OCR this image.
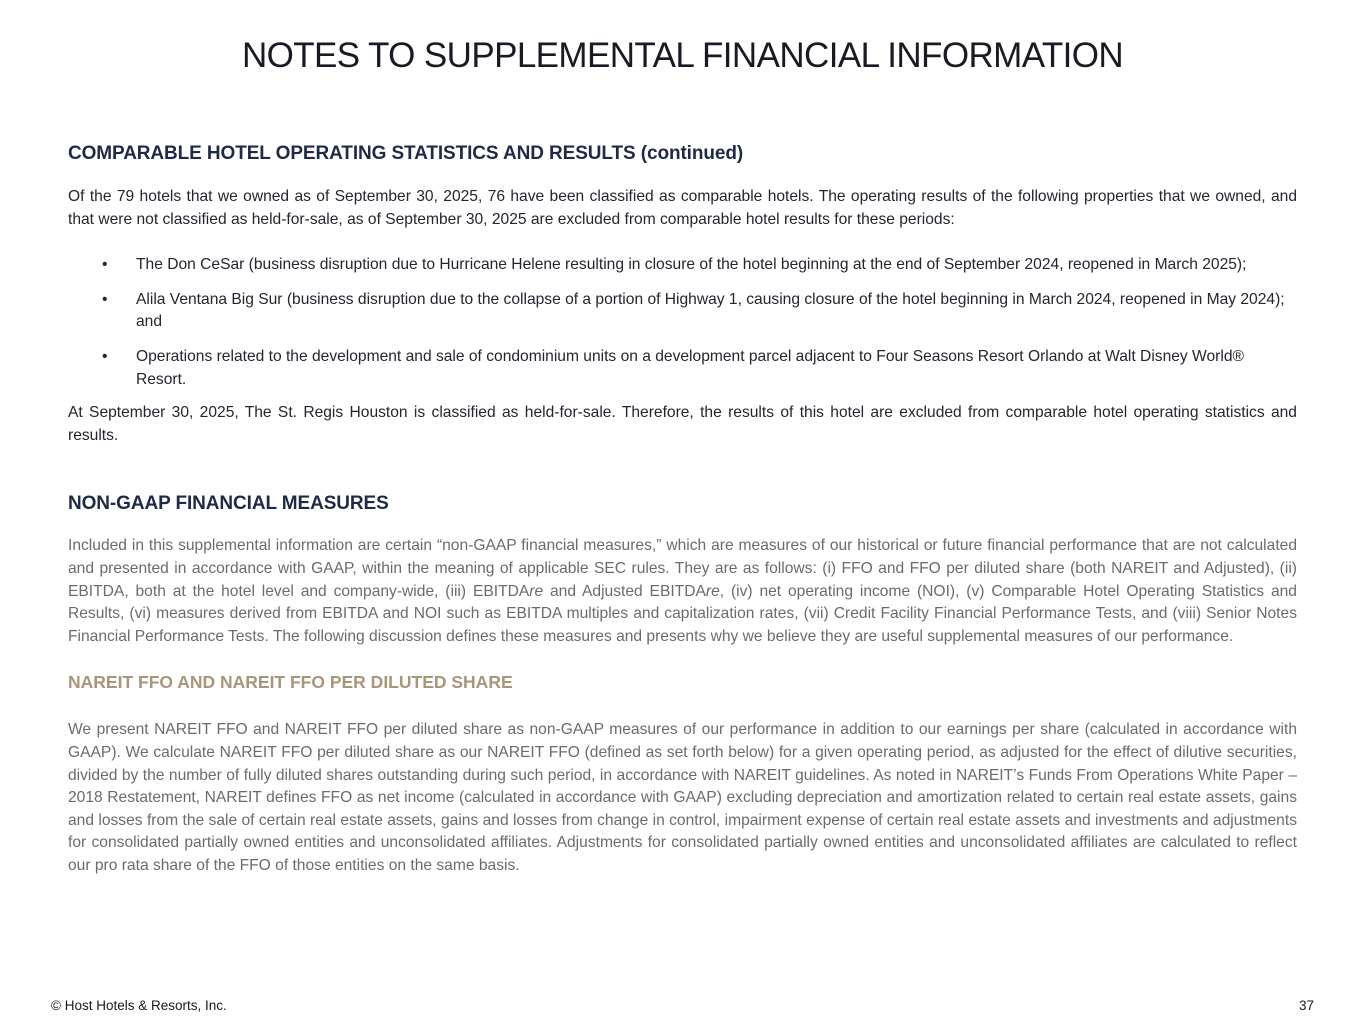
NOTES TO SUPPLEMENTAL FINANCIAL INFORMATION
COMPARABLE HOTEL OPERATING STATISTICS AND RESULTS (continued)

Of the 79 hotels that we owned as of September 30, 2025, 76 have been classified as comparable hotels. The operating results of the following properties that we owned, and that were not classified as held-for-sale, as of September 30, 2025 are excluded from comparable hotel results for these periods:

• The Don CeSar (business disruption due to Hurricane Helene resulting in closure of the hotel beginning at the end of September 2024, reopened in March 2025);
• Alila Ventana Big Sur (business disruption due to the collapse of a portion of Highway 1, causing closure of the hotel beginning in March 2024, reopened in May 2024); and
• Operations related to the development and sale of condominium units on a development parcel adjacent to Four Seasons Resort Orlando at Walt Disney World® Resort.

At September 30, 2025, The St. Regis Houston is classified as held-for-sale. Therefore, the results of this hotel are excluded from comparable hotel operating statistics and results.

NON-GAAP FINANCIAL MEASURES

Included in this supplemental information are certain “non-GAAP financial measures,” which are measures of our historical or future financial performance that are not calculated and presented in accordance with GAAP, within the meaning of applicable SEC rules. They are as follows: (i) FFO and FFO per diluted share (both NAREIT and Adjusted), (ii) EBITDA, both at the hotel level and company-wide, (iii) EBITDAre and Adjusted EBITDAre, (iv) net operating income (NOI), (v) Comparable Hotel Operating Statistics and Results, (vi) measures derived from EBITDA and NOI such as EBITDA multiples and capitalization rates, (vii) Credit Facility Financial Performance Tests, and (viii) Senior Notes Financial Performance Tests. The following discussion defines these measures and presents why we believe they are useful supplemental measures of our performance.

NAREIT FFO AND NAREIT FFO PER DILUTED SHARE

We present NAREIT FFO and NAREIT FFO per diluted share as non-GAAP measures of our performance in addition to our earnings per share (calculated in accordance with GAAP). We calculate NAREIT FFO per diluted share as our NAREIT FFO (defined as set forth below) for a given operating period, as adjusted for the effect of dilutive securities, divided by the number of fully diluted shares outstanding during such period, in accordance with NAREIT guidelines. As noted in NAREIT’s Funds From Operations White Paper – 2018 Restatement, NAREIT defines FFO as net income (calculated in accordance with GAAP) excluding depreciation and amortization related to certain real estate assets, gains and losses from the sale of certain real estate assets, gains and losses from change in control, impairment expense of certain real estate assets and investments and adjustments for consolidated partially owned entities and unconsolidated affiliates. Adjustments for consolidated partially owned entities and unconsolidated affiliates are calculated to reflect our pro rata share of the FFO of those entities on the same basis.

© Host Hotels & Resorts, Inc.	37
